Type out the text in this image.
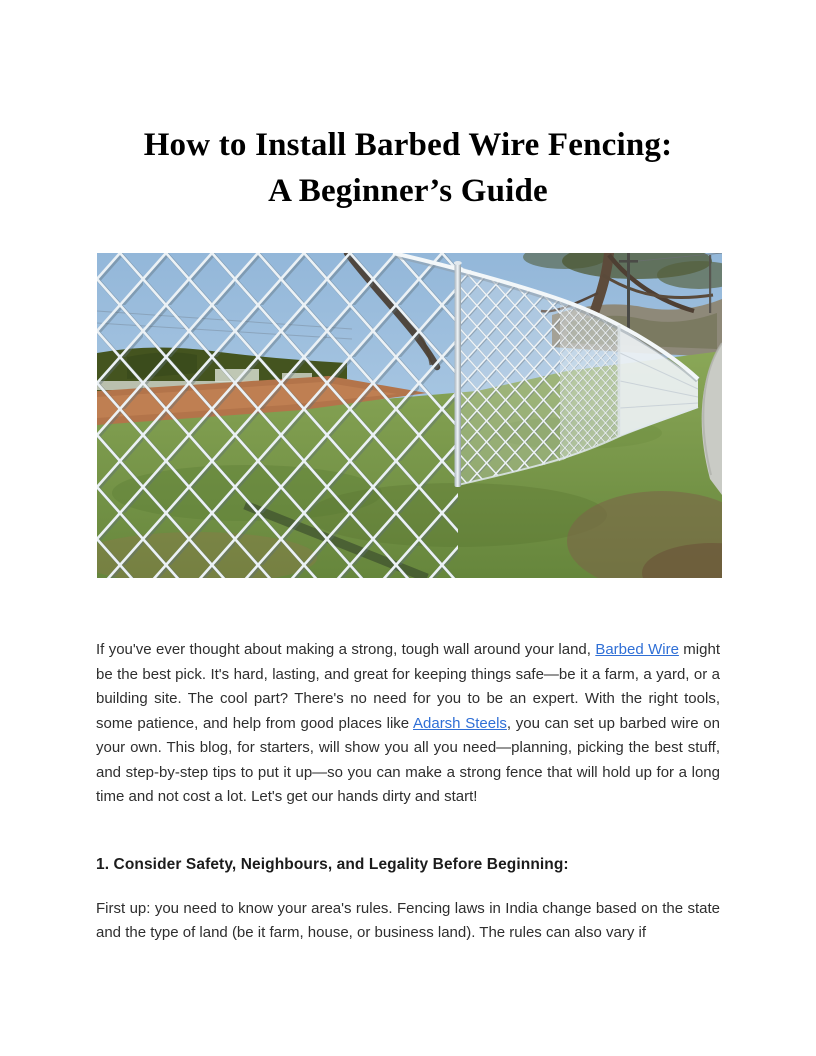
How to Install Barbed Wire Fencing:
A Beginner’s Guide

If you've ever thought about making a strong, tough wall around your land, Barbed Wire might be the best pick. It's hard, lasting, and great for keeping things safe—be it a farm, a yard, or a building site. The cool part? There's no need for you to be an expert. With the right tools, some patience, and help from good places like Adarsh Steels, you can set up barbed wire on your own. This blog, for starters, will show you all you need—planning, picking the best stuff, and step-by-step tips to put it up—so you can make a strong fence that will hold up for a long time and not cost a lot. Let's get our hands dirty and start!

1. Consider Safety, Neighbours, and Legality Before Beginning:

First up: you need to know your area's rules. Fencing laws in India change based on the state and the type of land (be it farm, house, or business land). The rules can also vary if
